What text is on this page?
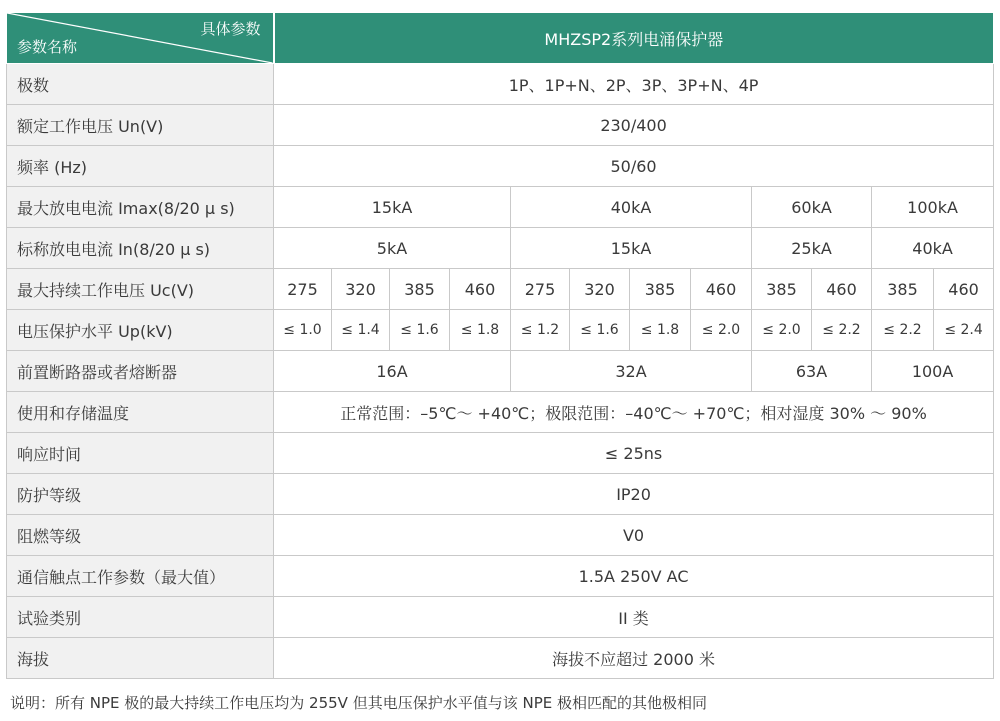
具体参数
参数名称	MHZSP2系列电涌保护器											
极数	1P、1P+N、2P、3P、3P+N、4P											
额定工作电压 Un(V)	230/400											
频率 (Hz)	50/60											
最大放电电流 Imax(8/20 μ s)	15kA				40kA				60kA		100kA	
标称放电电流 In(8/20 μ s)	5kA				15kA				25kA		40kA	
最大持续工作电压 Uc(V)	275	320	385	460	275	320	385	460	385	460	385	460
电压保护水平 Up(kV)	≤ 1.0	≤ 1.4	≤ 1.6	≤ 1.8	≤ 1.2	≤ 1.6	≤ 1.8	≤ 2.0	≤ 2.0	≤ 2.2	≤ 2.2	≤ 2.4
前置断路器或者熔断器	16A				32A				63A		100A	
使用和存储温度	正常范围：–5℃～ +40℃；极限范围：–40℃～ +70℃；相对湿度 30% ～ 90%											
响应时间	≤ 25ns											
防护等级	IP20											
阻燃等级	V0											
通信触点工作参数（最大值）	1.5A 250V AC											
试验类别	II 类											
海拔	海拔不应超过 2000 米											
说明：所有 NPE 极的最大持续工作电压均为 255V 但其电压保护水平值与该 NPE 极相匹配的其他极相同
